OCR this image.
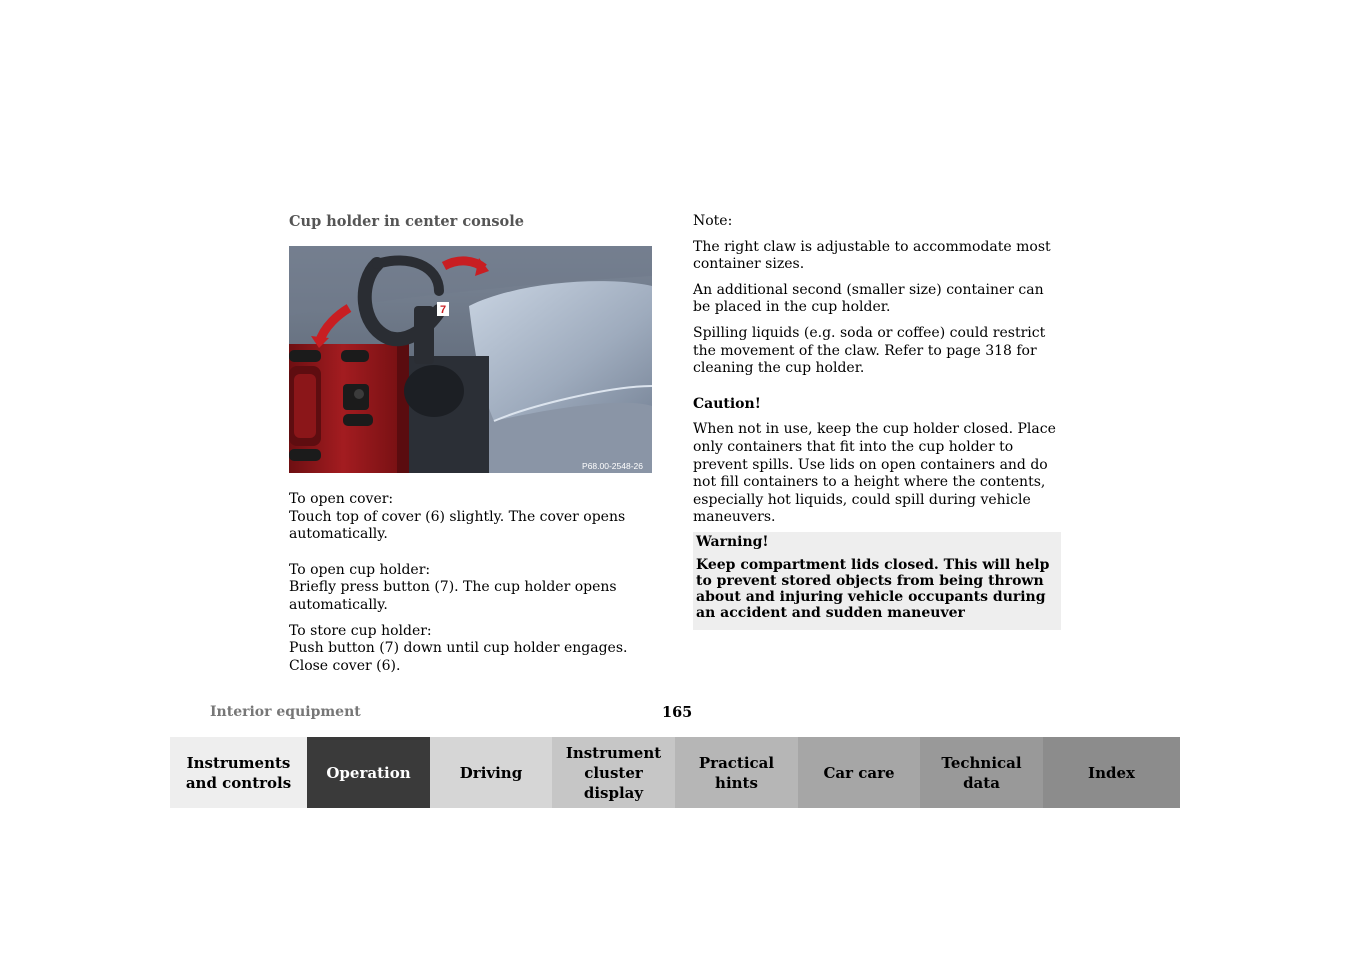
Cup holder in center console
7
P68.00-2548-26

To open cover:

Touch top of cover (6) slightly. The cover opens automatically.

To open cup holder:

Briefly press button (7). The cup holder opens automatically.

To store cup holder:

Push button (7) down until cup holder engages. Close cover (6).

Note:

The right claw is adjustable to accommodate most container sizes.

An additional second (smaller size) container can be placed in the cup holder.

Spilling liquids (e.g. soda or coffee) could restrict the movement of the claw. Refer to page 318 for cleaning the cup holder.

Caution!

When not in use, keep the cup holder closed. Place only containers that fit into the cup holder to prevent spills. Use lids on open containers and do not fill containers to a height where the contents, especially hot liquids, could spill during vehicle maneuvers.

Warning!

Keep compartment lids closed. This will help to prevent stored objects from being thrown about and injuring vehicle occupants during an accident and sudden maneuver

Interior equipment	165
Instruments
and controls
Operation	Driving
Instrument
cluster display
Practical hints
Car care
Technical
data
Index
